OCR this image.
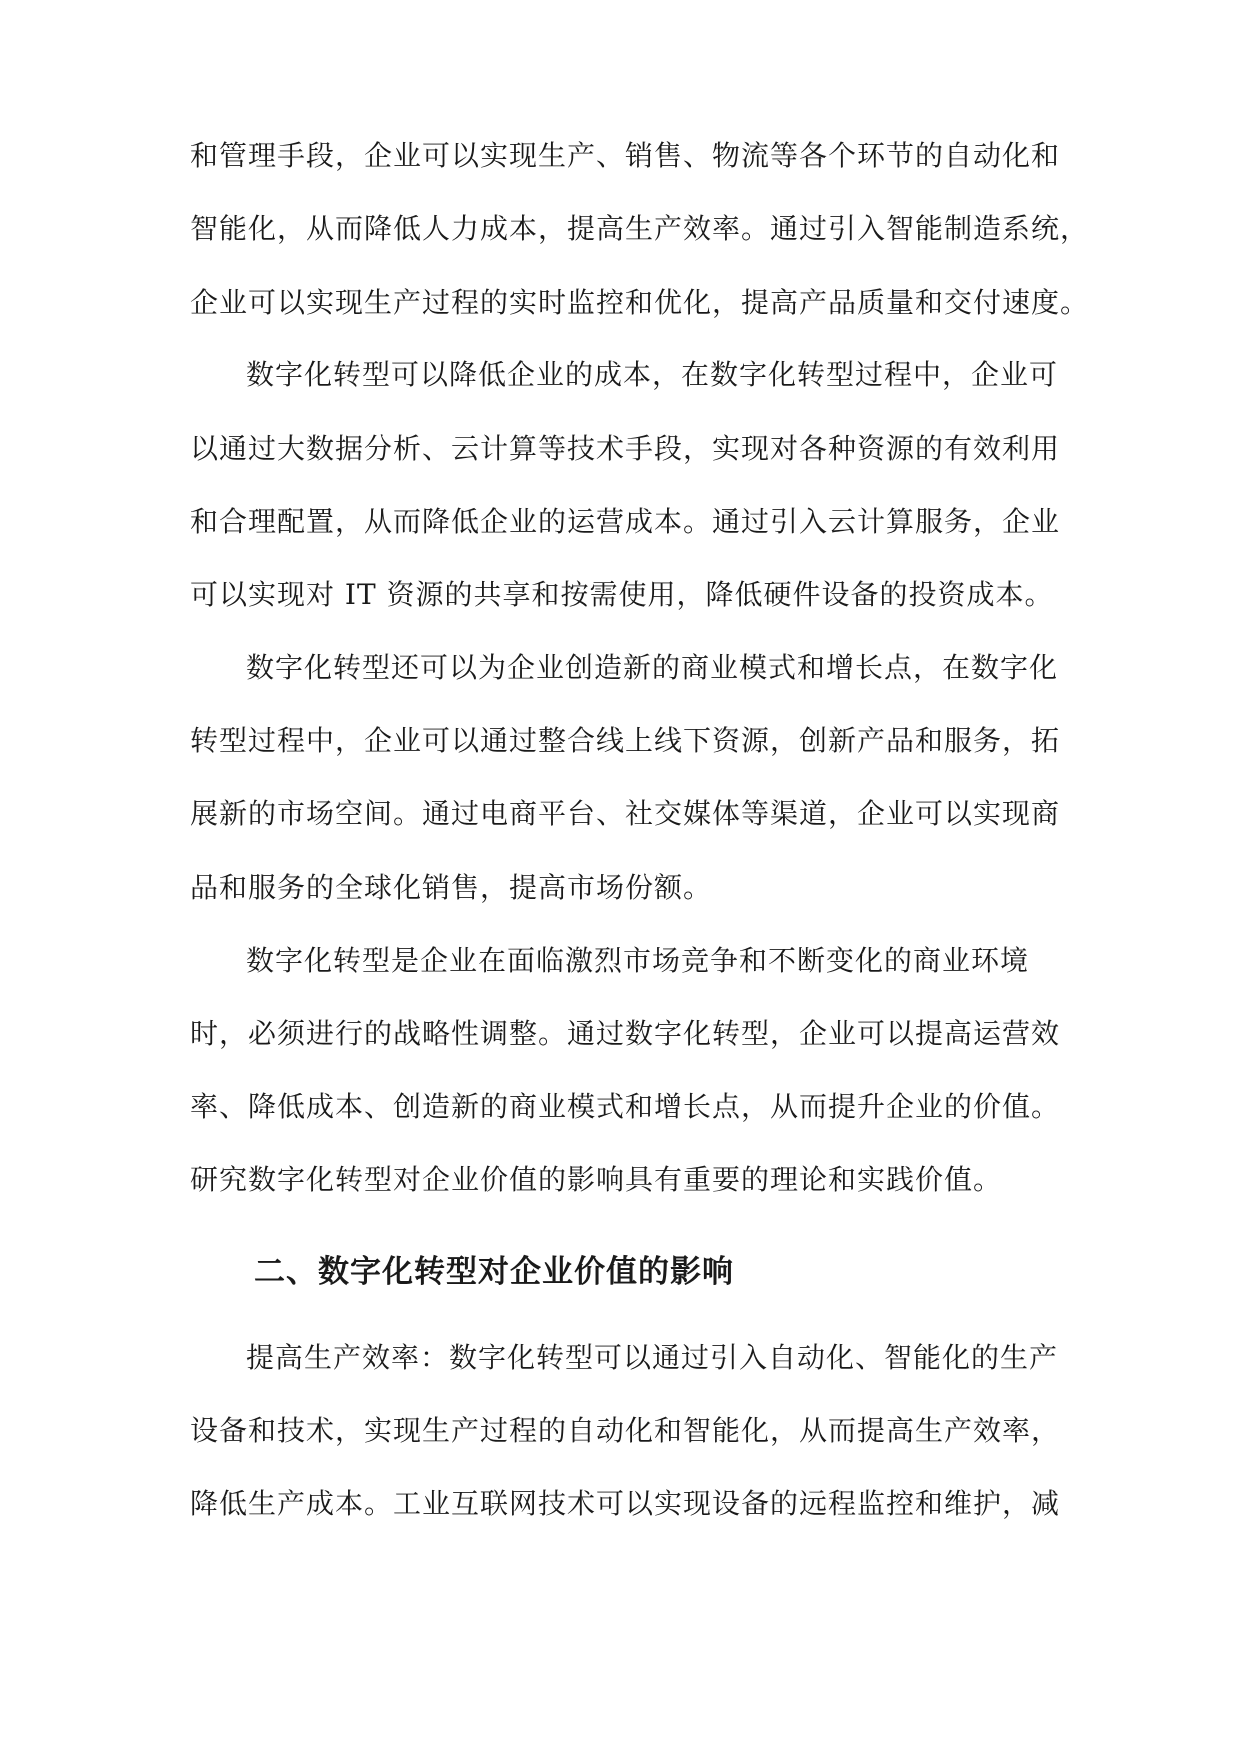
和管理手段，企业可以实现生产、销售、物流等各个环节的自动化和
智能化，从而降低人力成本，提高生产效率。通过引入智能制造系统，
企业可以实现生产过程的实时监控和优化，提高产品质量和交付速度。
数字化转型可以降低企业的成本，在数字化转型过程中，企业可
以通过大数据分析、云计算等技术手段，实现对各种资源的有效利用
和合理配置，从而降低企业的运营成本。通过引入云计算服务，企业
可以实现对 IT 资源的共享和按需使用，降低硬件设备的投资成本。
数字化转型还可以为企业创造新的商业模式和增长点，在数字化
转型过程中，企业可以通过整合线上线下资源，创新产品和服务，拓
展新的市场空间。通过电商平台、社交媒体等渠道，企业可以实现商
品和服务的全球化销售，提高市场份额。
数字化转型是企业在面临激烈市场竞争和不断变化的商业环境
时，必须进行的战略性调整。通过数字化转型，企业可以提高运营效
率、降低成本、创造新的商业模式和增长点，从而提升企业的价值。
研究数字化转型对企业价值的影响具有重要的理论和实践价值。
二、数字化转型对企业价值的影响
提高生产效率：数字化转型可以通过引入自动化、智能化的生产
设备和技术，实现生产过程的自动化和智能化，从而提高生产效率，
降低生产成本。工业互联网技术可以实现设备的远程监控和维护，减
